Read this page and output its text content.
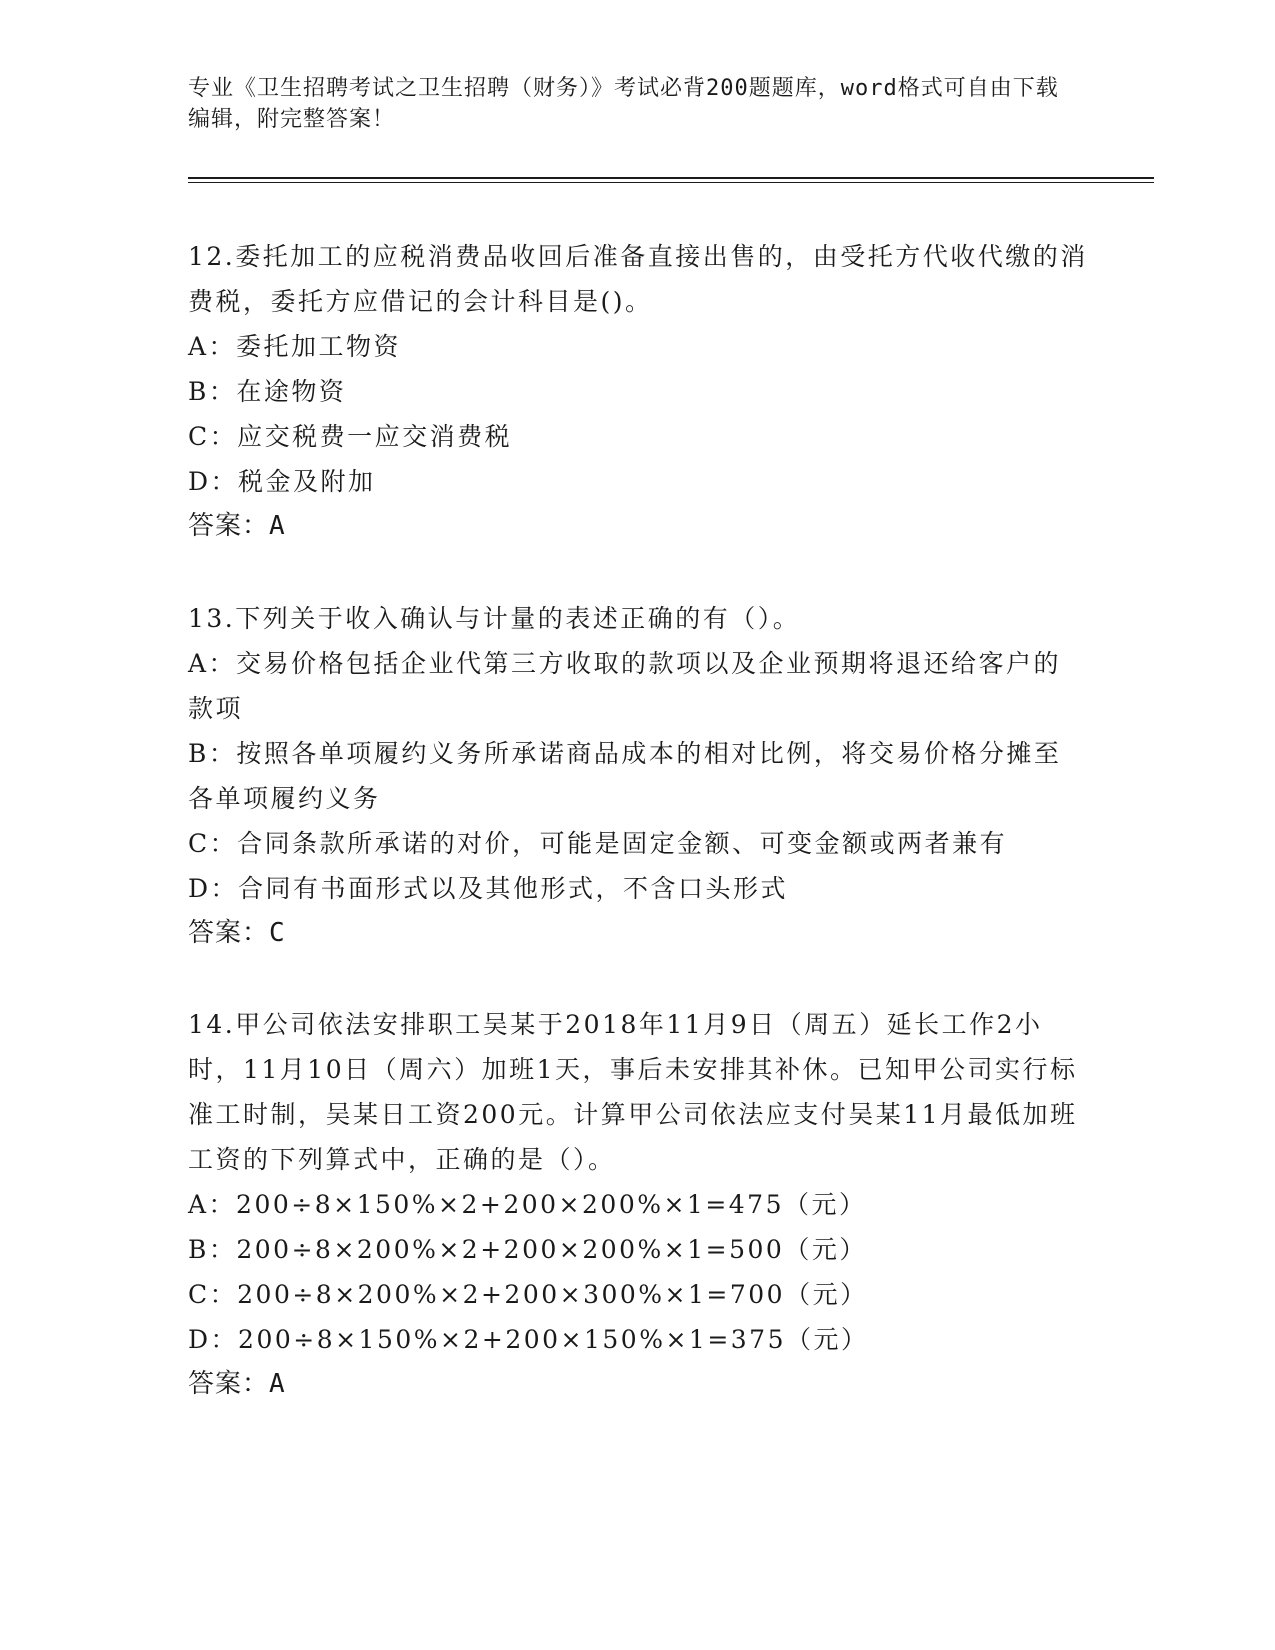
专业《卫生招聘考试之卫生招聘（财务）》考试必背200题题库，word格式可自由下载编辑，附完整答案！
12.委托加工的应税消费品收回后准备直接出售的，由受托方代收代缴的消费税，委托方应借记的会计科目是()。
A：委托加工物资
B：在途物资
C：应交税费一应交消费税
D：税金及附加
答案：A
13.下列关于收入确认与计量的表述正确的有（）。
A：交易价格包括企业代第三方收取的款项以及企业预期将退还给客户的款项
B：按照各单项履约义务所承诺商品成本的相对比例，将交易价格分摊至各单项履约义务
C：合同条款所承诺的对价，可能是固定金额、可变金额或两者兼有
D：合同有书面形式以及其他形式，不含口头形式
答案：C
14.甲公司依法安排职工吴某于2018年11月9日（周五）延长工作2小时，11月10日（周六）加班1天，事后未安排其补休。已知甲公司实行标准工时制，吴某日工资200元。计算甲公司依法应支付吴某11月最低加班工资的下列算式中，正确的是（）。
A：200÷8×150%×2+200×200%×1=475（元）
B：200÷8×200%×2+200×200%×1=500（元）
C：200÷8×200%×2+200×300%×1=700（元）
D：200÷8×150%×2+200×150%×1=375（元）
答案：A
